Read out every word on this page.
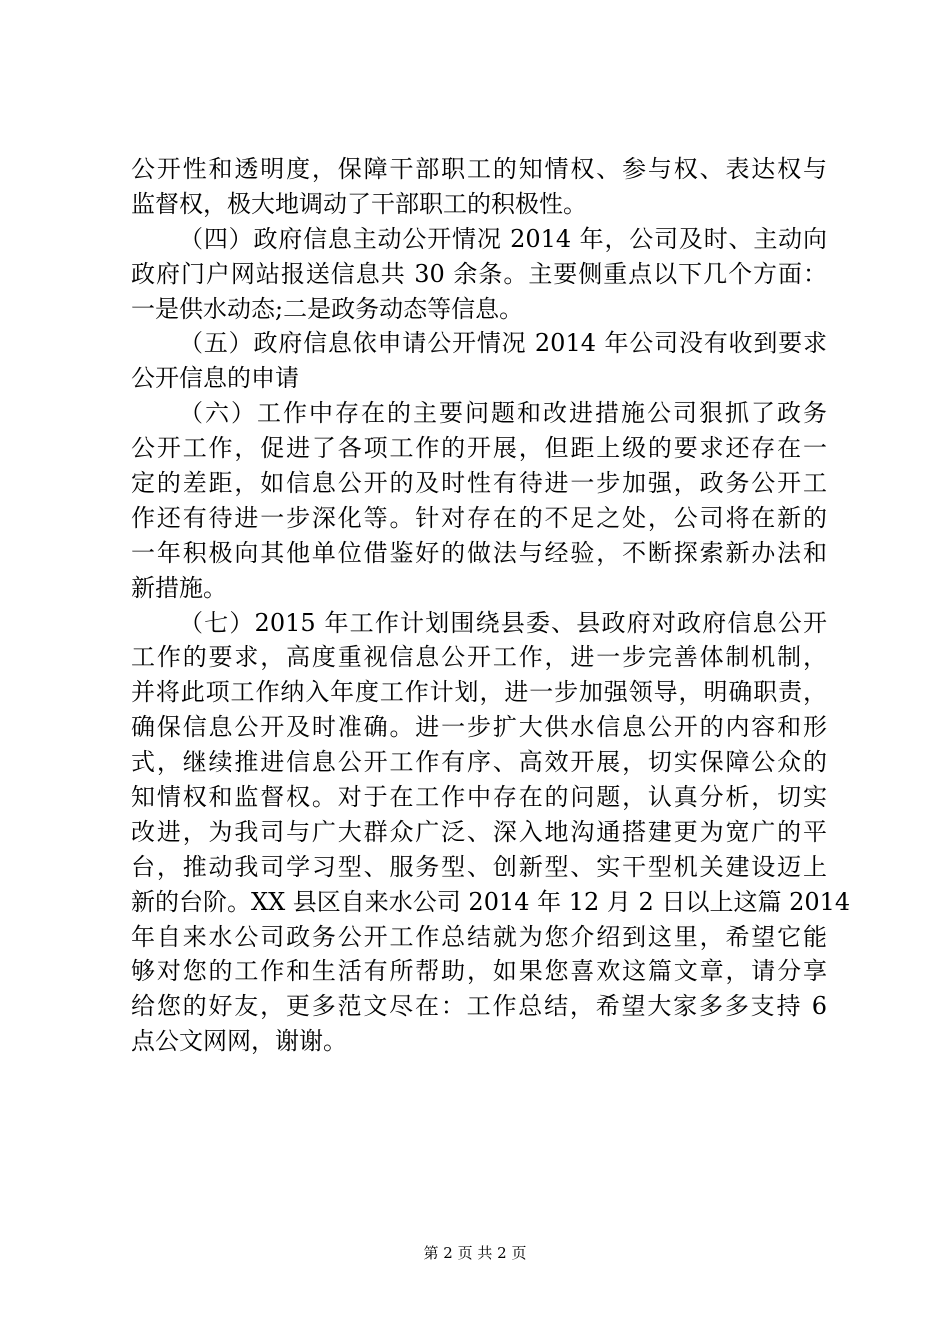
公开性和透明度，保障干部职工的知情权、参与权、表达权与
监督权，极大地调动了干部职工的积极性。
（四）政府信息主动公开情况 2014 年，公司及时、主动向
政府门户网站报送信息共 30 余条。主要侧重点以下几个方面：
一是供水动态;二是政务动态等信息。
（五）政府信息依申请公开情况 2014 年公司没有收到要求
公开信息的申请
（六）工作中存在的主要问题和改进措施公司狠抓了政务
公开工作，促进了各项工作的开展，但距上级的要求还存在一
定的差距，如信息公开的及时性有待进一步加强，政务公开工
作还有待进一步深化等。针对存在的不足之处，公司将在新的
一年积极向其他单位借鉴好的做法与经验，不断探索新办法和
新措施。
（七）2015 年工作计划围绕县委、县政府对政府信息公开
工作的要求，高度重视信息公开工作，进一步完善体制机制，
并将此项工作纳入年度工作计划，进一步加强领导，明确职责，
确保信息公开及时准确。进一步扩大供水信息公开的内容和形
式，继续推进信息公开工作有序、高效开展，切实保障公众的
知情权和监督权。对于在工作中存在的问题，认真分析，切实
改进，为我司与广大群众广泛、深入地沟通搭建更为宽广的平
台，推动我司学习型、服务型、创新型、实干型机关建设迈上
新的台阶。XX 县区自来水公司 2014 年 12 月 2 日以上这篇 2014
年自来水公司政务公开工作总结就为您介绍到这里，希望它能
够对您的工作和生活有所帮助，如果您喜欢这篇文章，请分享
给您的好友，更多范文尽在：工作总结，希望大家多多支持 6
点公文网网，谢谢。
第 2 页 共 2 页
